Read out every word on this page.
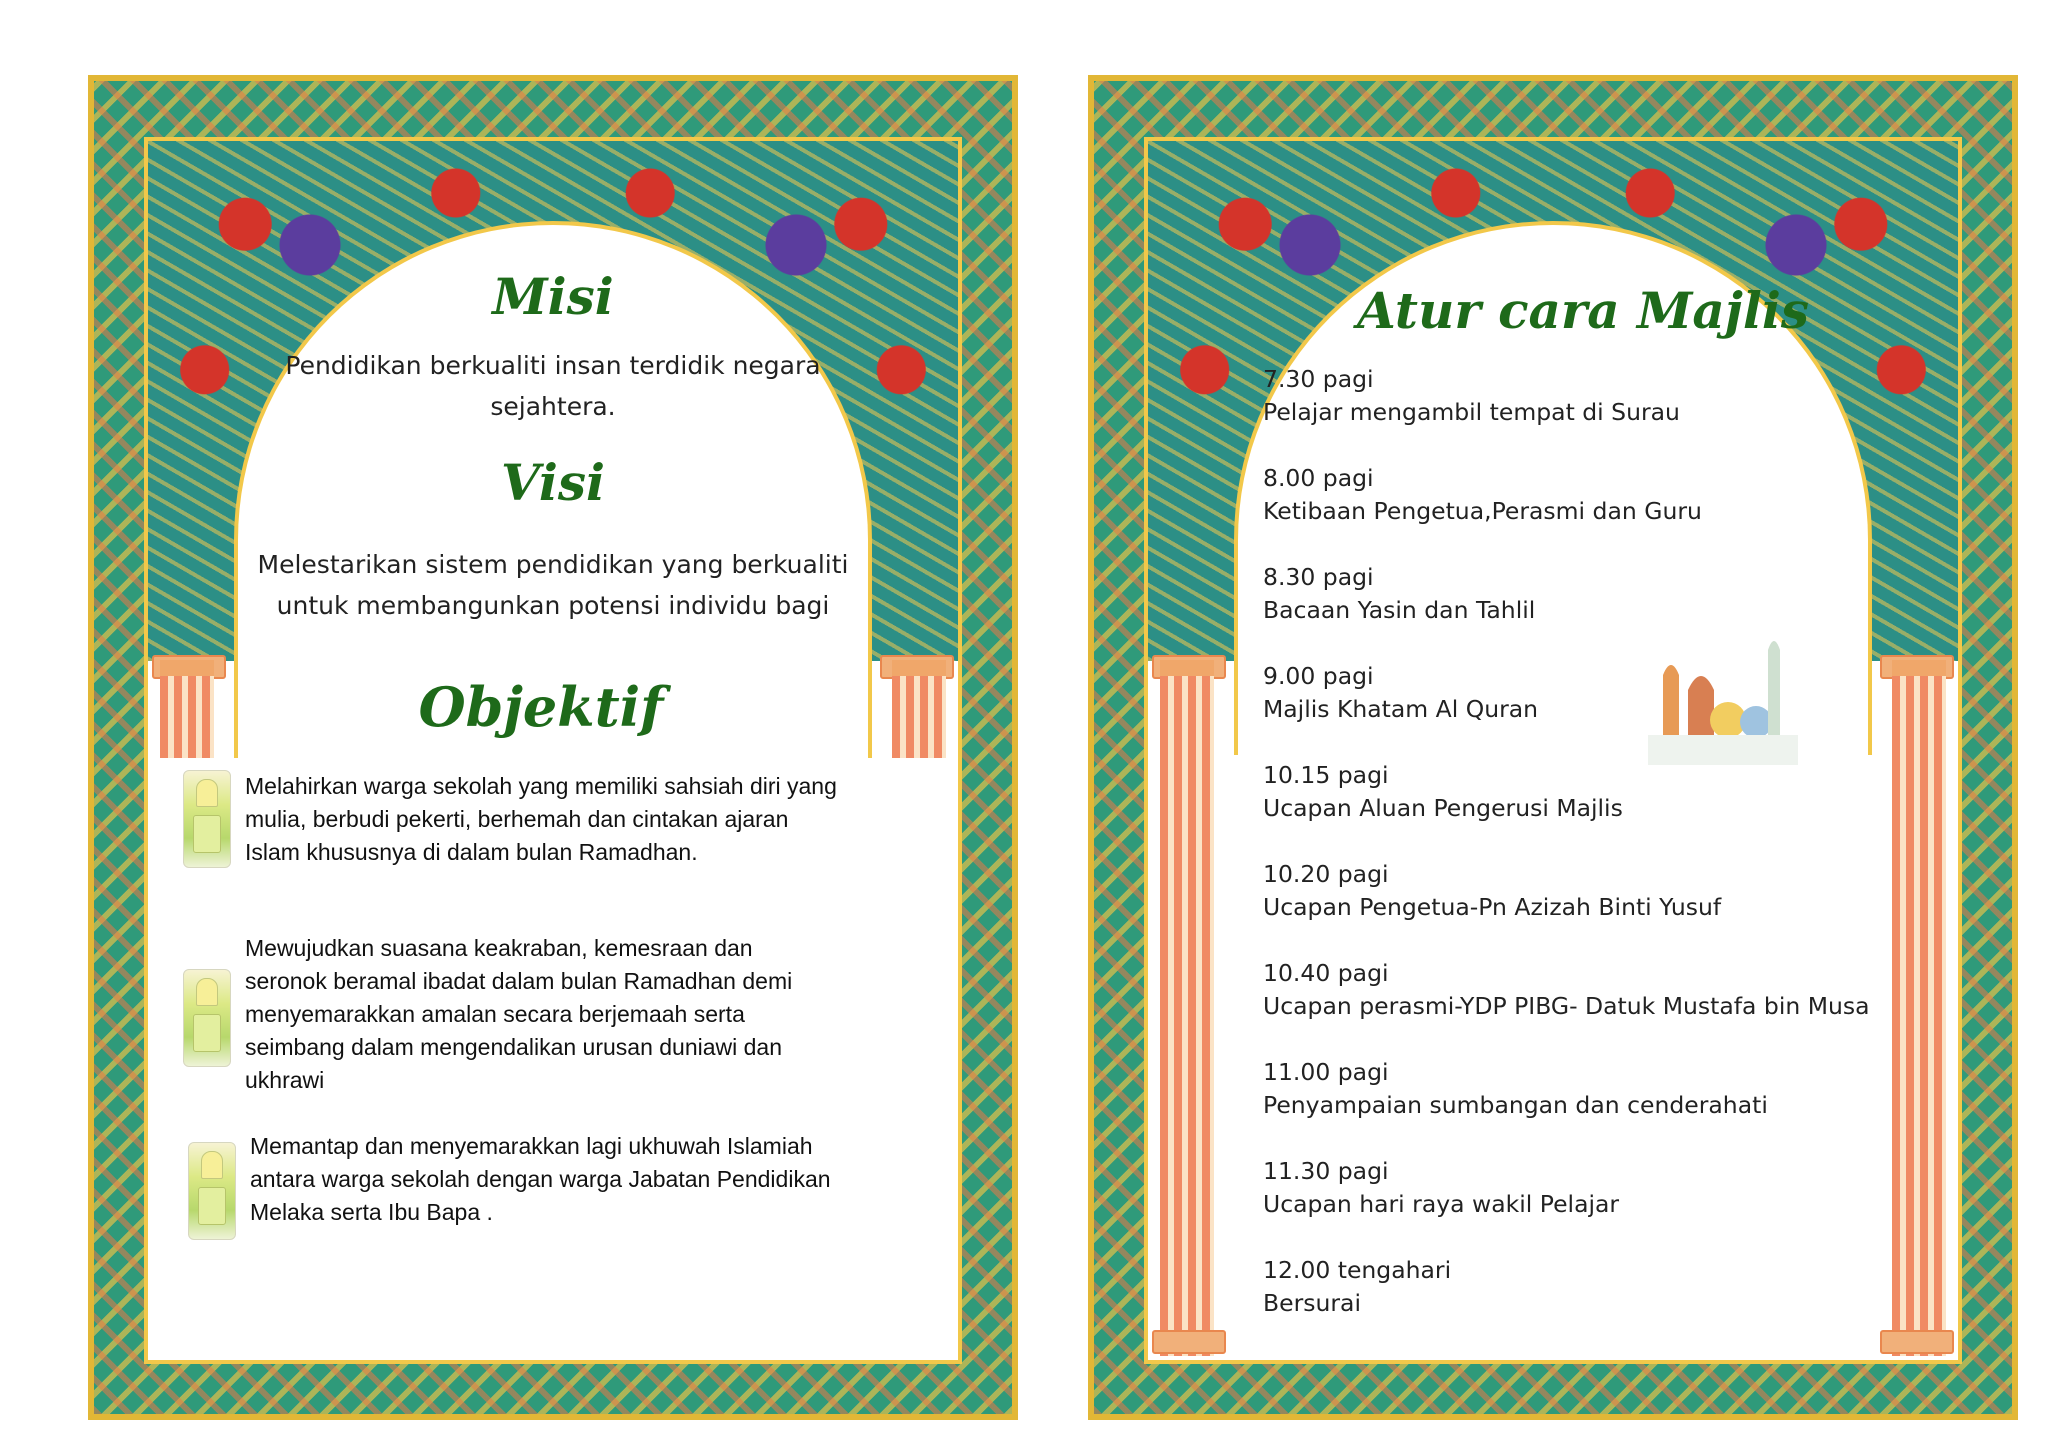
Misi
Pendidikan berkualiti insan terdidik negara
sejahtera.
Visi
Melestarikan sistem pendidikan yang berkualiti
untuk membangunkan potensi individu bagi
Objektif
Melahirkan warga sekolah yang memiliki sahsiah diri yang
mulia, berbudi pekerti, berhemah dan cintakan ajaran
Islam khususnya di dalam bulan Ramadhan.
Mewujudkan suasana keakraban, kemesraan dan
seronok beramal ibadat dalam bulan Ramadhan demi
menyemarakkan amalan secara berjemaah serta
seimbang dalam mengendalikan urusan duniawi dan
ukhrawi
Memantap dan menyemarakkan lagi ukhuwah Islamiah
antara warga sekolah dengan warga Jabatan Pendidikan
Melaka serta Ibu Bapa .
Atur cara Majlis
7.30 pagi
Pelajar mengambil tempat di Surau
8.00 pagi
Ketibaan Pengetua,Perasmi dan Guru
8.30 pagi
Bacaan Yasin dan Tahlil
9.00 pagi
Majlis Khatam Al Quran
10.15 pagi
Ucapan Aluan Pengerusi Majlis
10.20 pagi
Ucapan Pengetua-Pn Azizah Binti Yusuf
10.40 pagi
Ucapan perasmi-YDP PIBG- Datuk Mustafa bin Musa
11.00 pagi
Penyampaian sumbangan dan cenderahati
11.30 pagi
Ucapan hari raya wakil Pelajar
12.00 tengahari
Bersurai
